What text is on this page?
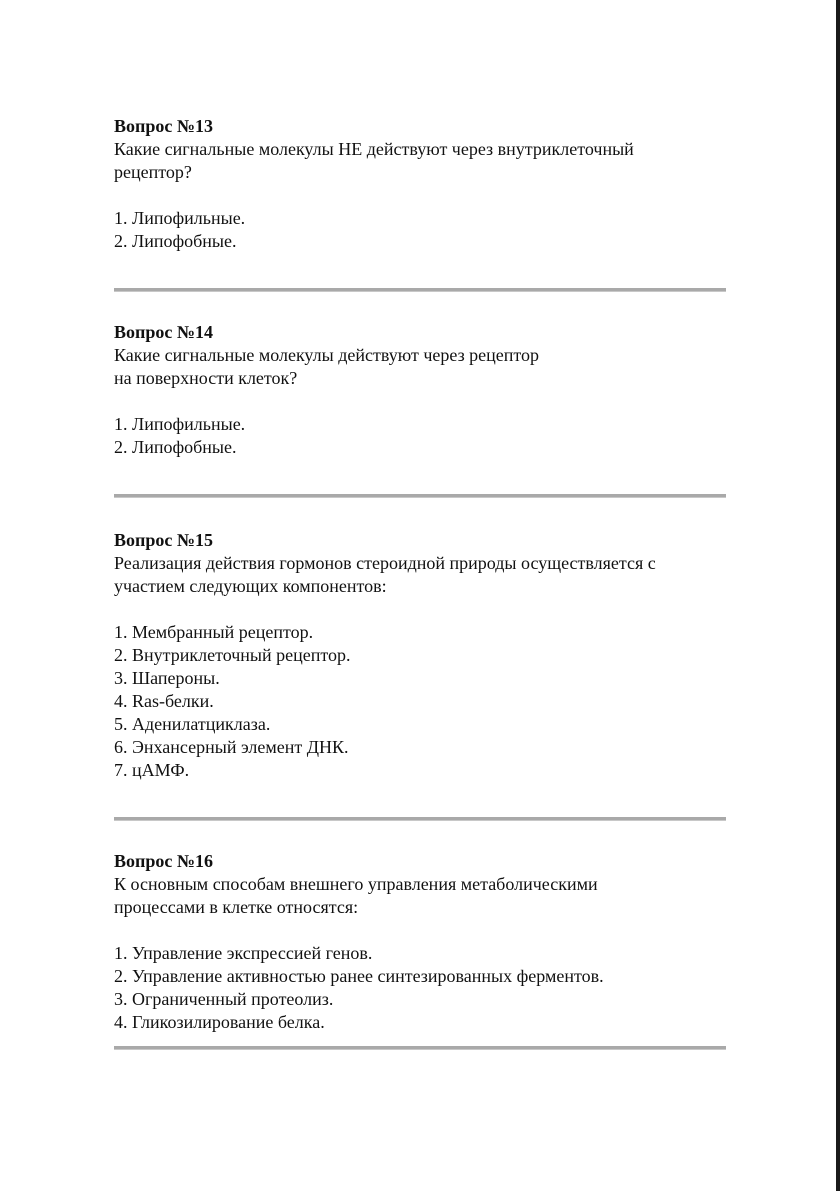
Вопрос №13

Какие сигнальные молекулы НЕ действуют через внутриклеточный

рецептор?

1. Липофильные.

2. Липофобные.

Вопрос №14

Какие сигнальные молекулы действуют через рецептор

на поверхности клеток?

1. Липофильные.

2. Липофобные.

Вопрос №15

Реализация действия гормонов стероидной природы осуществляется с

участием следующих компонентов:

1. Мембранный рецептор.

2. Внутриклеточный рецептор.

3. Шапероны.

4. Ras-белки.

5. Аденилатциклаза.

6. Энхансерный элемент ДНК.

7. цАМФ.

Вопрос №16

К основным способам внешнего управления метаболическими

процессами в клетке относятся:

1. Управление экспрессией генов.

2. Управление активностью ранее синтезированных ферментов.

3. Ограниченный протеолиз.

4. Гликозилирование белка.
